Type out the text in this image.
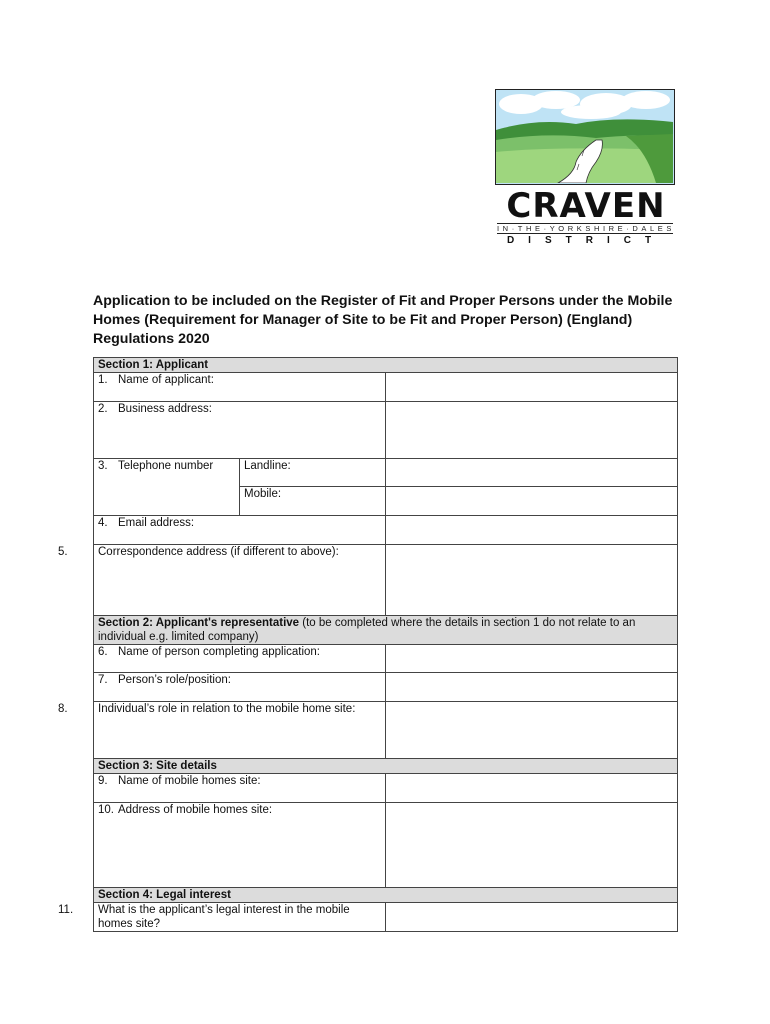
CRAVEN
IN·THE·YORKSHIRE·DALES
DISTRICT
Application to be included on the Register of Fit and Proper Persons under the Mobile Homes (Requirement for Manager of Site to be Fit and Proper Person) (England) Regulations 2020
Section 1: Applicant		
1. Name of applicant:		
2. Business address:		
3. Telephone number	Landline:	
	Mobile:	
4. Email address:		
5. Correspondence address (if different to above):		
Section 2: Applicant's representative (to be completed where the details in section 1 do not relate to an individual e.g. limited company)		
6. Name of person completing application:		
7. Person’s role/position:		
8. Individual’s role in relation to the mobile home site:		
Section 3: Site details		
9. Name of mobile homes site:		
10. Address of mobile homes site:		
Section 4: Legal interest		
11. What is the applicant’s legal interest in the mobile homes site?		
